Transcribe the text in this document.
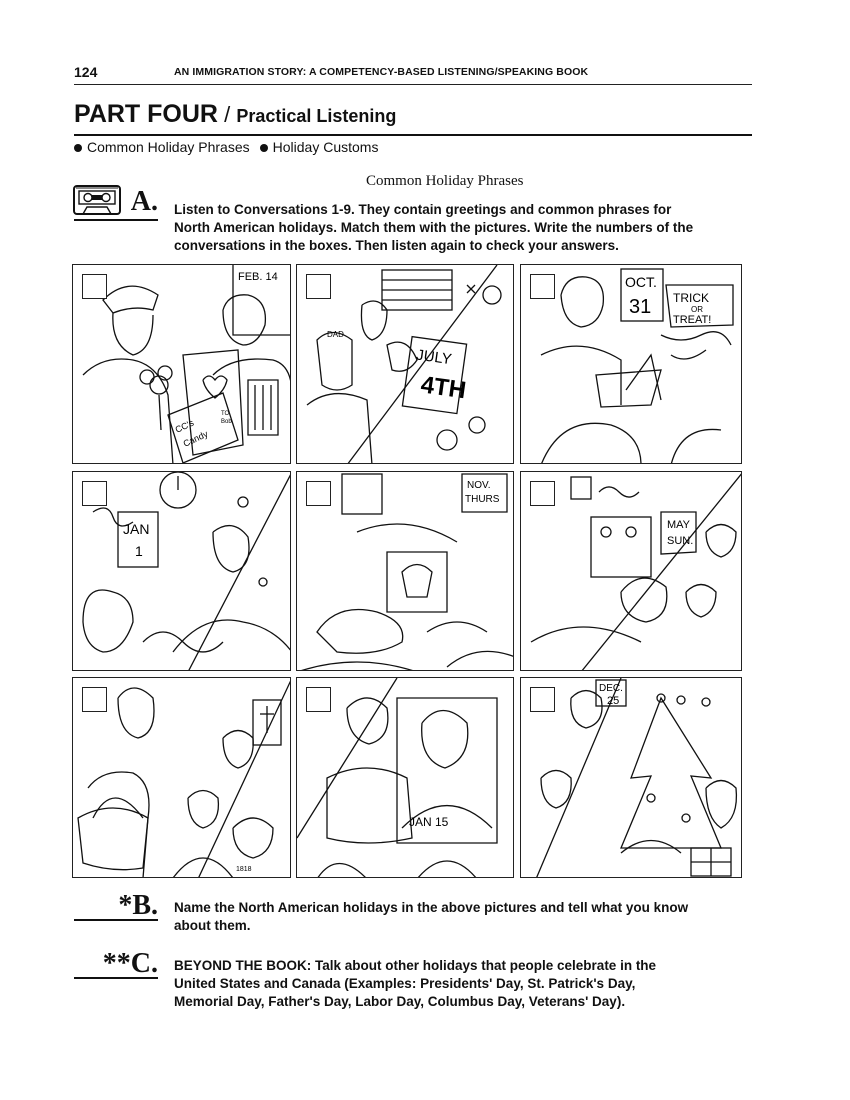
124	AN IMMIGRATION STORY: A COMPETENCY-BASED LISTENING/SPEAKING BOOK
PART FOUR / Practical Listening
Common Holiday Phrases Holiday Customs
Common Holiday Phrases
A. Listen to Conversations 1-9. They contain greetings and common phrases for
North American holidays. Match them with the pictures. Write the numbers of the
conversations in the boxes. Then listen again to check your answers.
FEB. 14
CC's
Candy
TO
Bob
DAD
JULY
4TH
OCT.
31 TRICK
OR
TREAT!
JAN
1
NOV.
THURS
MAY
SUN.
1818
JAN 15
DEC.
25
*B. Name the North American holidays in the above pictures and tell what you know
about them.
**C. BEYOND THE BOOK: Talk about other holidays that people celebrate in the
United States and Canada (Examples: Presidents' Day, St. Patrick's Day,
Memorial Day, Father's Day, Labor Day, Columbus Day, Veterans' Day).
